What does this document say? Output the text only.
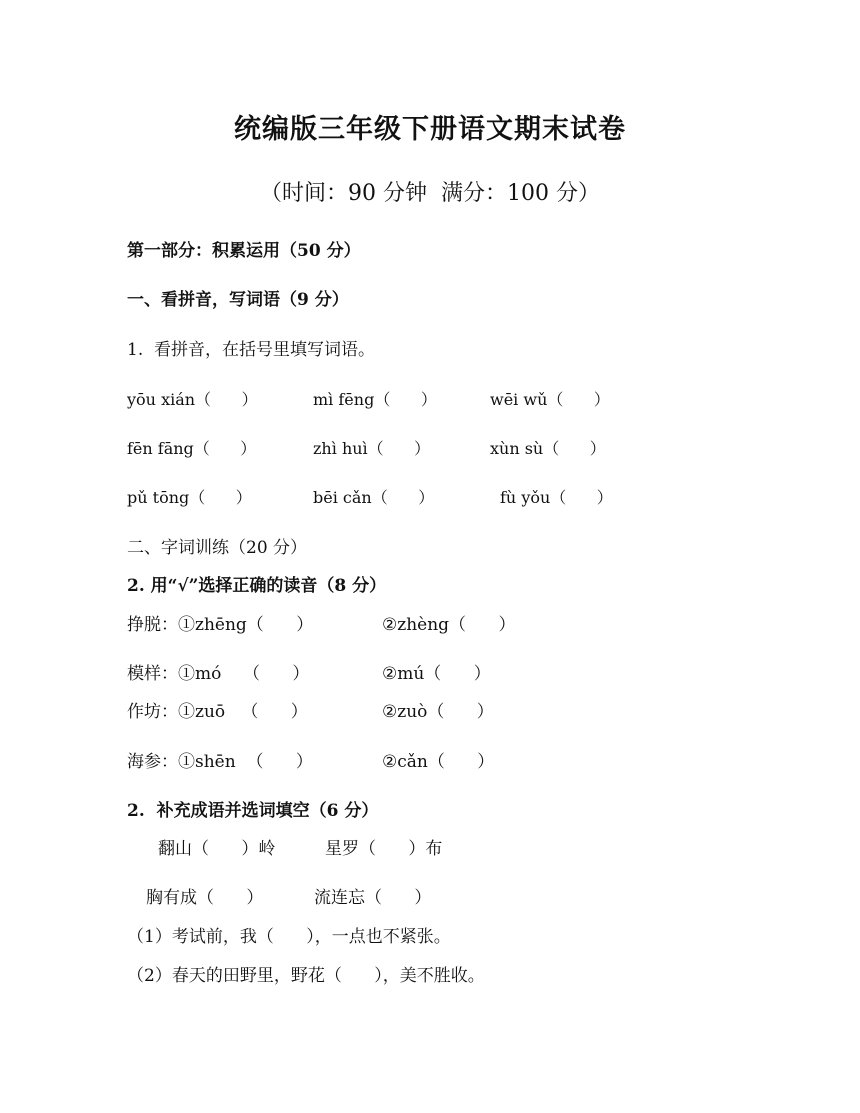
统编版三年级下册语文期末试卷
（时间：90 分钟  满分：100 分）
第一部分：积累运用（50 分）
一、看拼音，写词语（9 分）
1.  看拼音，在括号里填写词语。
yōu xián（      ）	mì fēng（      ）	wēi wǔ（      ）
fēn fāng（      ）	zhì huì（      ）	xùn sù（      ）
pǔ tōng（      ）	bēi cǎn（      ）	fù yǒu（      ）
二、字词训练（20 分）
2. 用“√”选择正确的读音（8 分）
挣脱：①zhēng（      ）	②zhèng（      ）
模样：①mó    （      ）	②mú（      ）
作坊：①zuō   （      ）	②zuò（      ）
海参：①shēn  （      ）	②cǎn（      ）
2.  补充成语并选词填空（6 分）
翻山（      ）岭	星罗（      ）布
胸有成（      ）	流连忘（      ）
（1）考试前，我（      ），一点也不紧张。
（2）春天的田野里，野花（      ），美不胜收。
